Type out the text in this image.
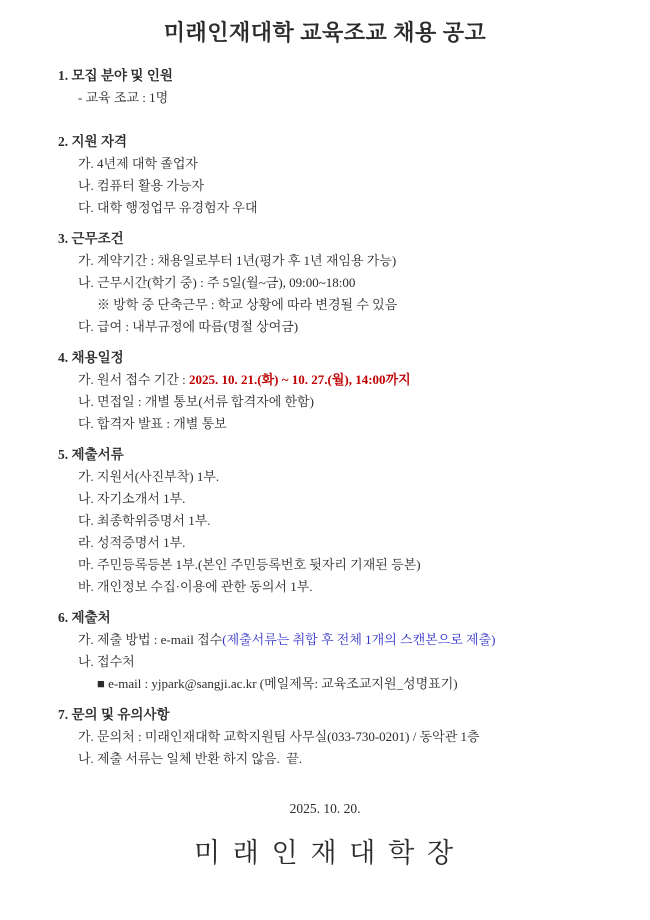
미래인재대학 교육조교 채용 공고
1. 모집 분야 및 인원
- 교육 조교 : 1명
2. 지원 자격
가. 4년제 대학 졸업자
나. 컴퓨터 활용 가능자
다. 대학 행정업무 유경험자 우대
3. 근무조건
가. 계약기간 : 채용일로부터 1년(평가 후 1년 재임용 가능)
나. 근무시간(학기 중) : 주 5일(월~금), 09:00~18:00
※ 방학 중 단축근무 : 학교 상황에 따라 변경될 수 있음
다. 급여 : 내부규정에 따름(명절 상여금)
4. 채용일정
가. 원서 접수 기간 : 2025. 10. 21.(화) ~ 10. 27.(월), 14:00까지
나. 면접일 : 개별 통보(서류 합격자에 한함)
다. 합격자 발표 : 개별 통보
5. 제출서류
가. 지원서(사진부착) 1부.
나. 자기소개서 1부.
다. 최종학위증명서 1부.
라. 성적증명서 1부.
마. 주민등록등본 1부.(본인 주민등록번호 뒷자리 기재된 등본)
바. 개인정보 수집·이용에 관한 동의서 1부.
6. 제출처
가. 제출 방법 : e-mail 접수(제출서류는 취합 후 전체 1개의 스캔본으로 제출)
나. 접수처
■ e-mail : yjpark@sangji.ac.kr (메일제목: 교육조교지원_성명표기)
7. 문의 및 유의사항
가. 문의처 : 미래인재대학 교학지원팀 사무실(033-730-0201) / 동악관 1층
나. 제출 서류는 일체 반환 하지 않음.  끝.
2025. 10. 20.
미 래 인 재 대 학 장
